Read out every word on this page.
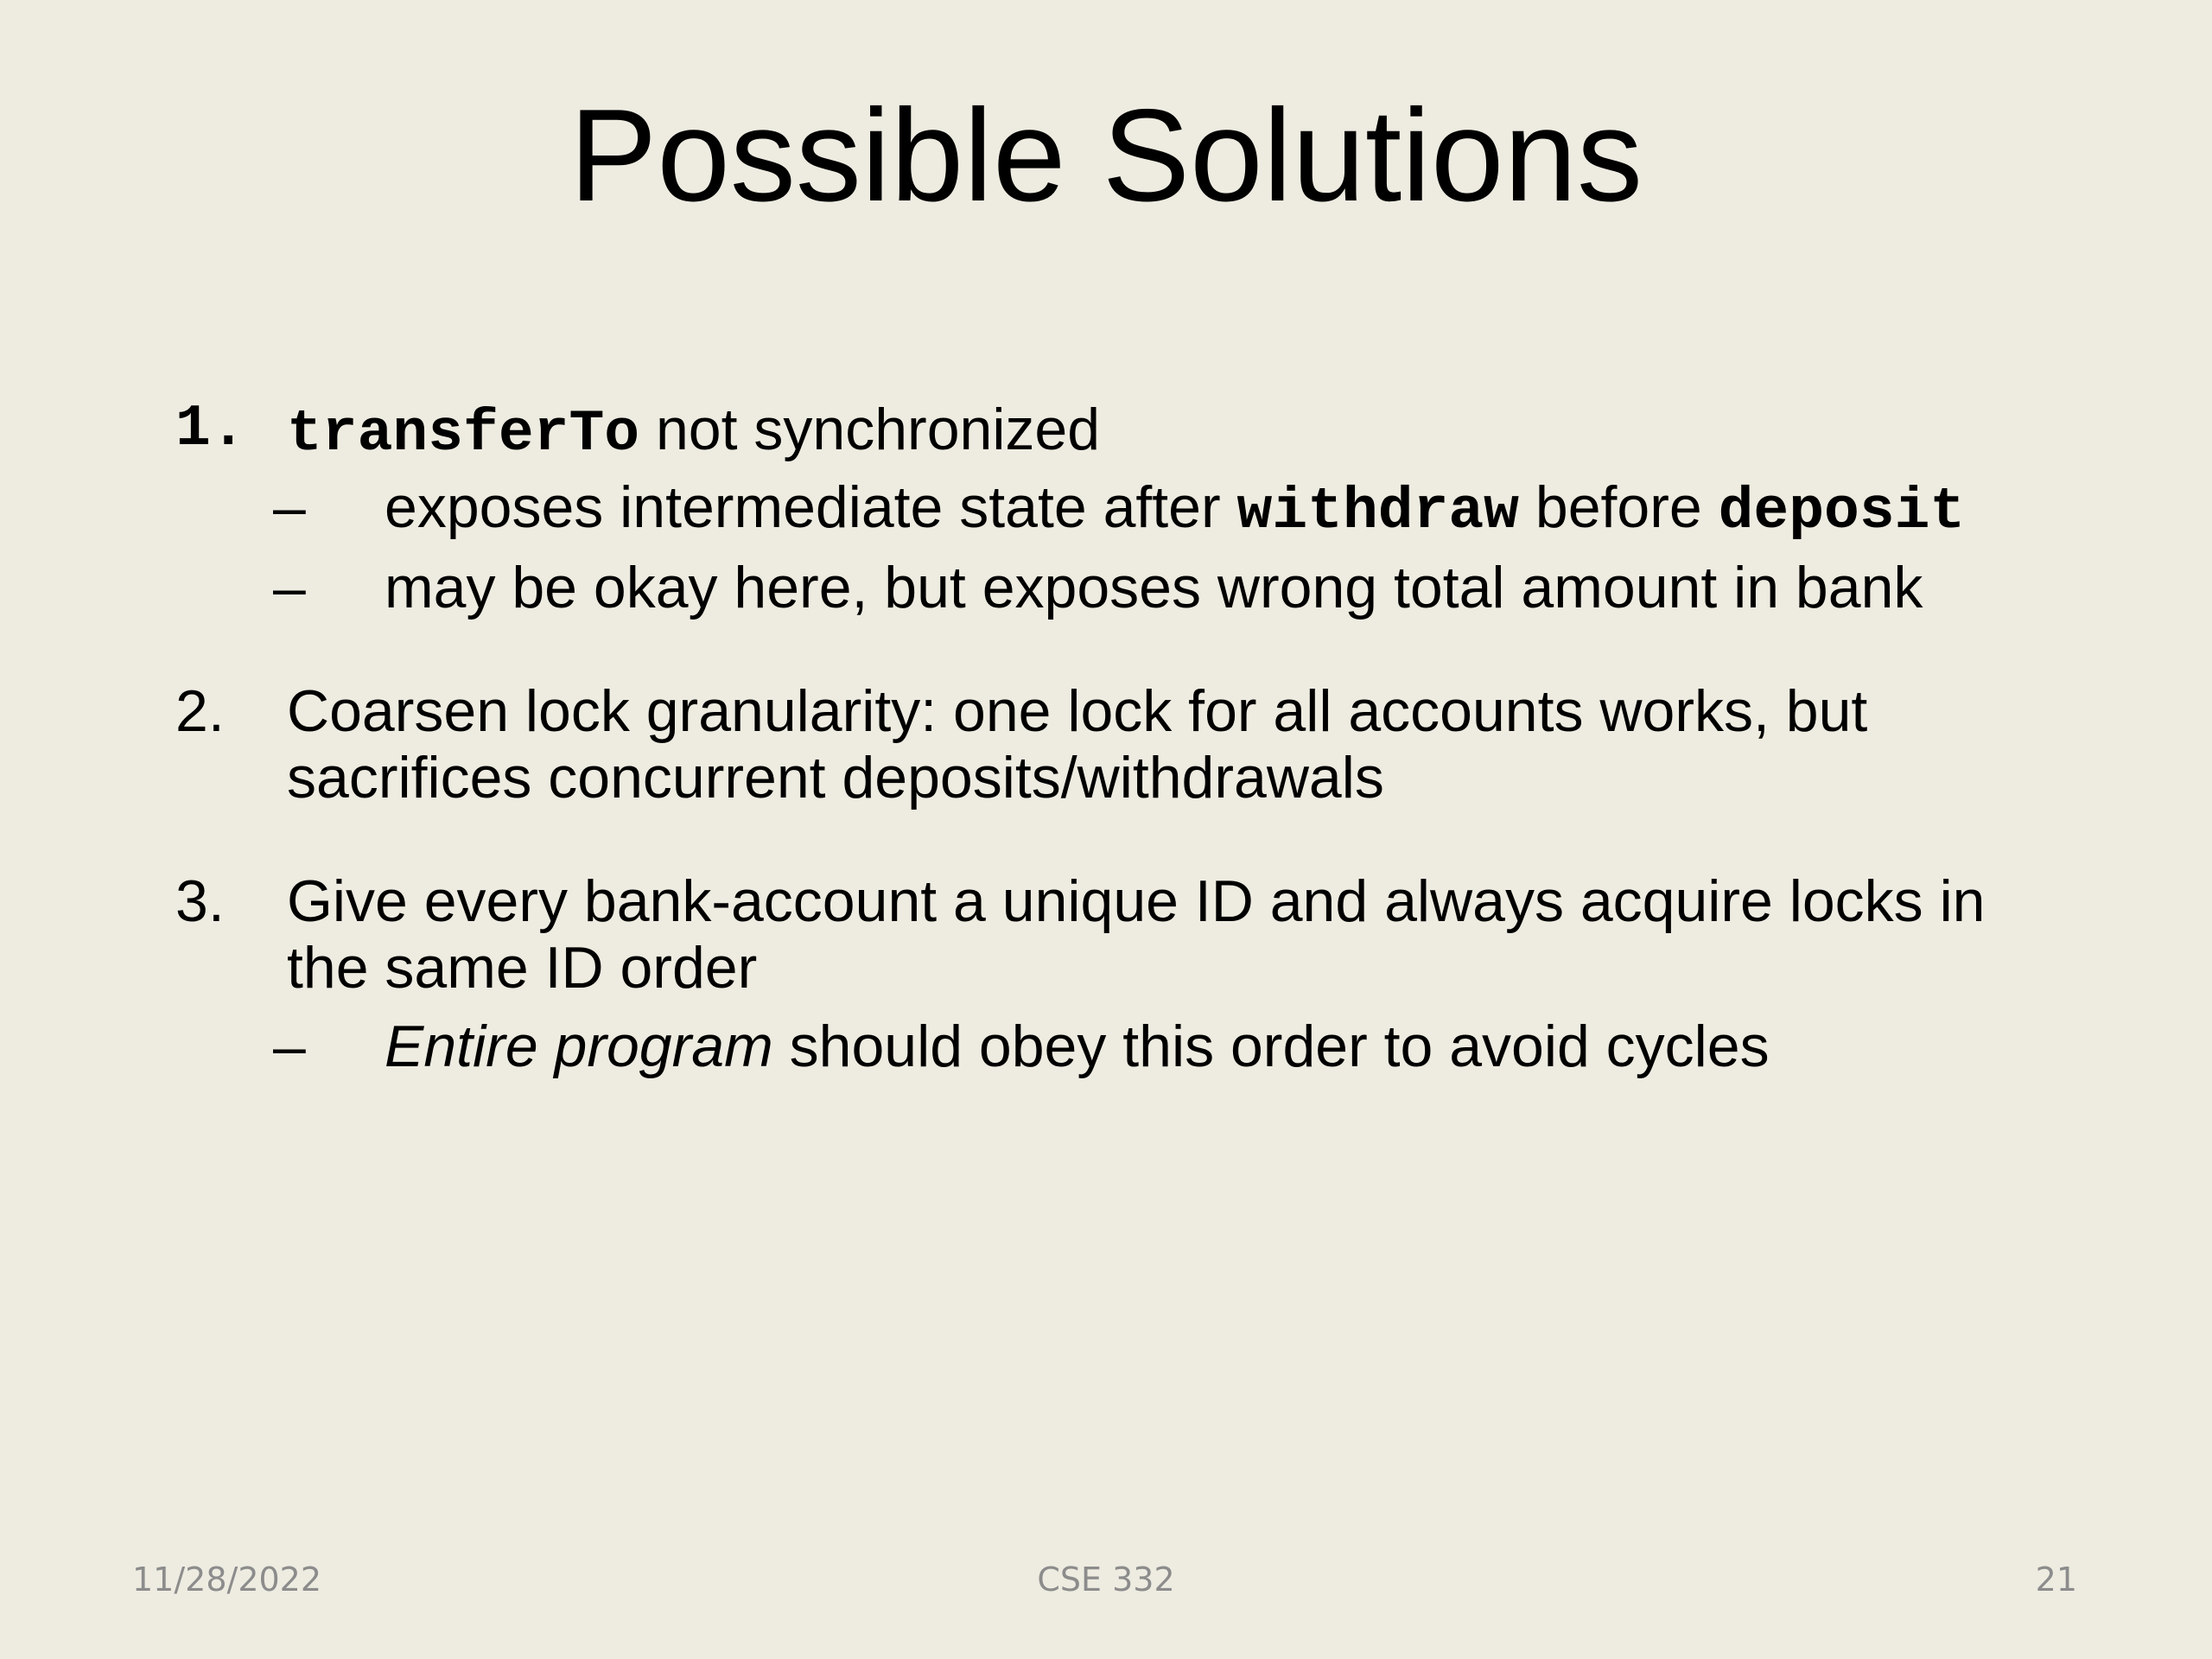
Possible Solutions
1. transferTo not synchronized
– exposes intermediate state after withdraw before deposit
– may be okay here, but exposes wrong total amount in bank
2. Coarsen lock granularity: one lock for all accounts works, but
sacrifices concurrent deposits/withdrawals
3. Give every bank-account a unique ID and always acquire locks in
the same ID order
– Entire program should obey this order to avoid cycles
11/28/2022	CSE 332	21
